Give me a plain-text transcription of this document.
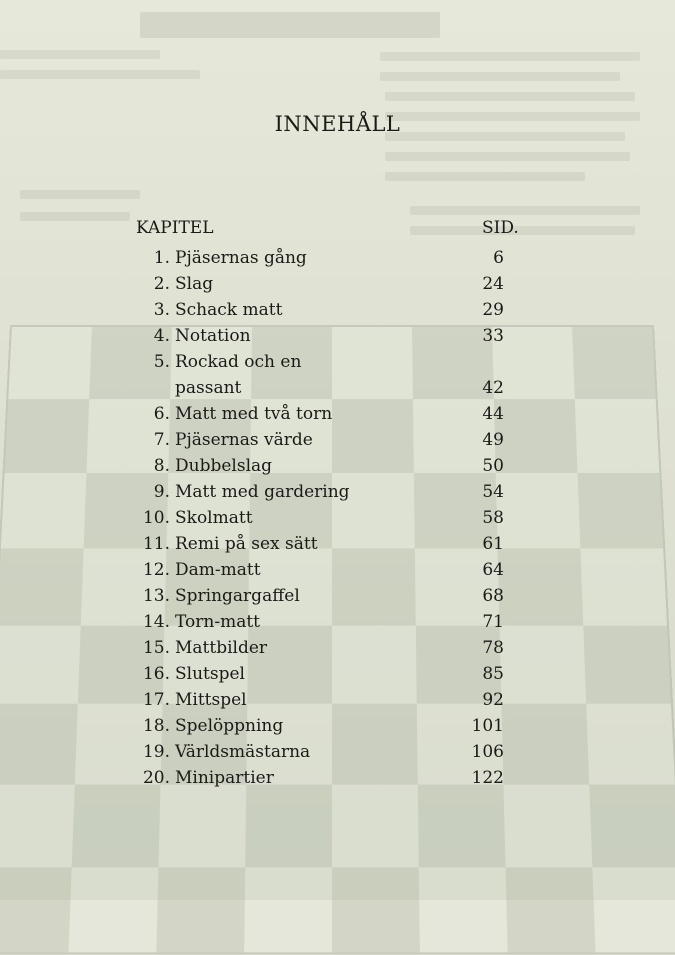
INNEHÅLL
KAPITEL	SID.
1. Pjäsernas gång	6
2. Slag	24
3. Schack matt	29
4. Notation	33
5. Rockad och en
passant	42
6. Matt med två torn	44
7. Pjäsernas värde	49
8. Dubbelslag	50
9. Matt med gardering	54
10. Skolmatt	58
11. Remi på sex sätt	61
12. Dam-matt	64
13. Springargaffel	68
14. Torn-matt	71
15. Mattbilder	78
16. Slutspel	85
17. Mittspel	92
18. Spelöppning	101
19. Världsmästarna	106
20. Minipartier	122
